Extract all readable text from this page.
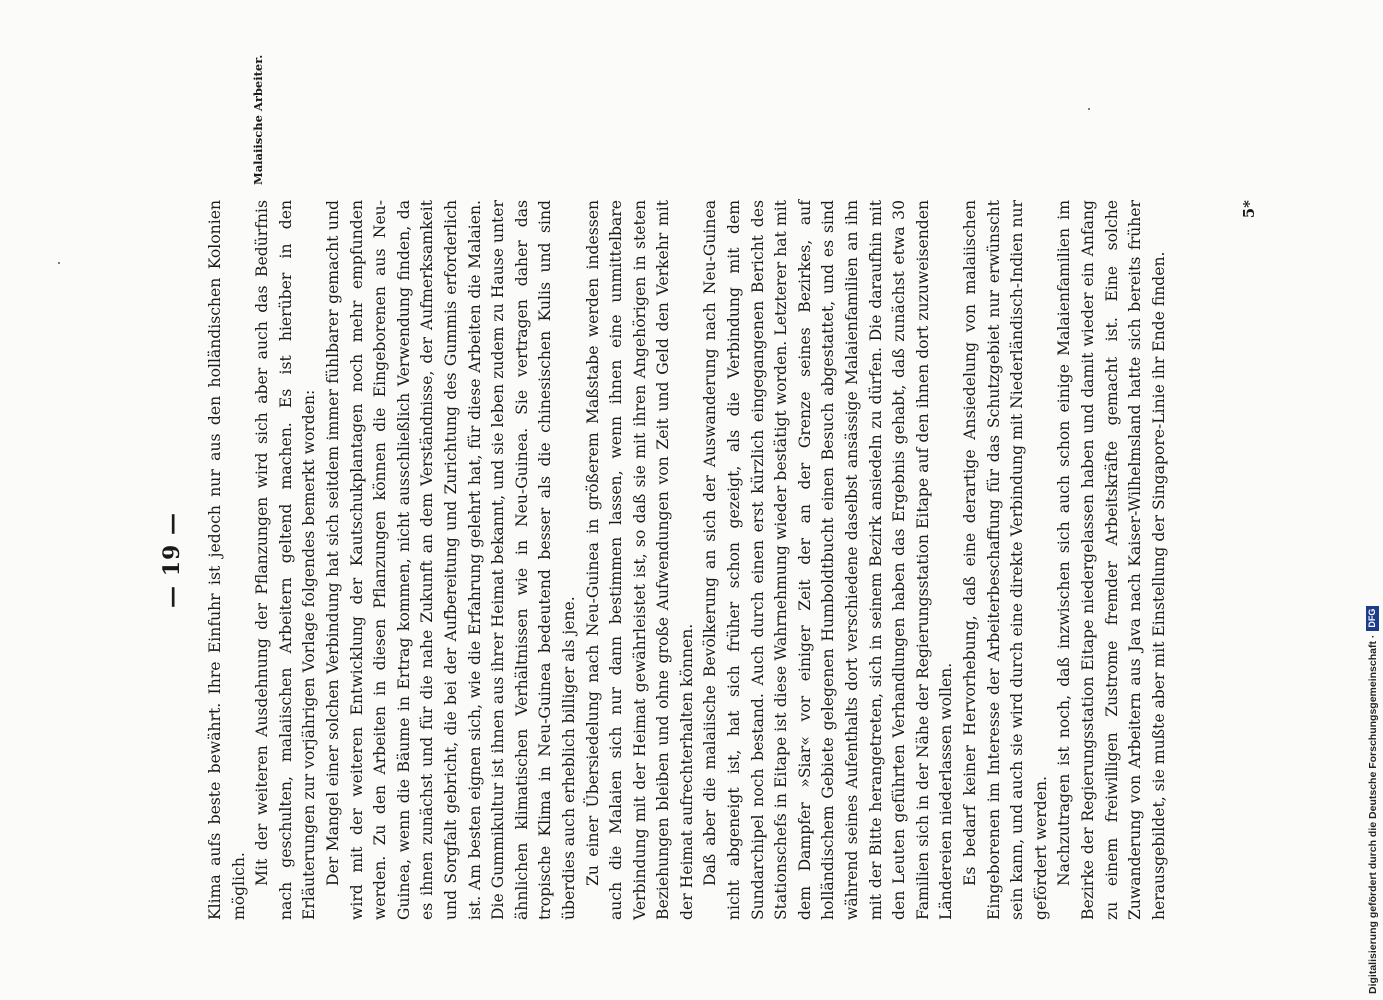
— 19 —	Klima aufs beste bewährt. Ihre Einfuhr ist jedoch nur aus den holländischen Kolonien möglich.

Mit der weiteren Ausdehnung der Pflanzungen wird sich aber auch das Bedürfnis nach geschulten, malaiischen Arbeitern geltend machen. Es ist hierüber in den Erläuterungen zur vorjährigen Vorlage folgendes bemerkt worden: Der Mangel einer solchen Verbindung hat sich seitdem immer fühlbarer gemacht und wird mit der weiteren Entwicklung der Kautschukplantagen noch mehr empfunden werden. Zu den Arbeiten in diesen Pflanzungen können die Eingeborenen aus Neu-Guinea, wenn die Bäume in Ertrag kommen, nicht ausschließlich Verwendung finden, da es ihnen zunächst und für die nahe Zukunft an dem Verständnisse, der Aufmerksamkeit und Sorgfalt gebricht, die bei der Aufbereitung und Zurichtung des Gummis erforderlich ist. Am besten eignen sich, wie die Erfahrung gelehrt hat, für diese Arbeiten die Malaien. Die Gummikultur ist ihnen aus ihrer Heimat bekannt, und sie leben zudem zu Hause unter ähnlichen klimatischen Verhältnissen wie in Neu-Guinea. Sie vertragen daher das tropische Klima in Neu-Guinea bedeutend besser als die chinesischen Kulis und sind überdies auch erheblich billiger als jene. Zu einer Übersiedelung nach Neu-Guinea in größerem Maßstabe werden indessen auch die Malaien sich nur dann bestimmen lassen, wenn ihnen eine unmittelbare Verbindung mit der Heimat gewährleistet ist, so daß sie mit ihren Angehörigen in steten Beziehungen bleiben und ohne große Aufwendungen von Zeit und Geld den Verkehr mit der Heimat aufrechterhalten können. Daß aber die malaiische Bevölkerung an sich der Auswanderung nach Neu-Guinea nicht abgeneigt ist, hat sich früher schon gezeigt, als die Verbindung mit dem Sundarchipel noch bestand. Auch durch einen erst kürzlich eingegangenen Bericht des Stationschefs in Eitape ist diese Wahrnehmung wieder bestätigt worden. Letzterer hat mit dem Dampfer »Siar« vor einiger Zeit der an der Grenze seines Bezirkes, auf holländischem Gebiete gelegenen Humboldtbucht einen Besuch abgestattet, und es sind während seines Aufenthalts dort verschiedene daselbst ansässige Malaienfamilien an ihn mit der Bitte herangetreten, sich in seinem Bezirk ansiedeln zu dürfen. Die daraufhin mit den Leuten geführten Verhandlungen haben das Ergebnis gehabt, daß zunächst etwa 30 Familien sich in der Nähe der Regierungsstation Eitape auf den ihnen dort zuzuweisenden Ländereien niederlassen wollen. Es bedarf keiner Hervorhebung, daß eine derartige Ansiedelung von malaiischen Eingeborenen im Interesse der Arbeiterbeschaffung für das Schutzgebiet nur erwünscht sein kann, und auch sie wird durch eine direkte Verbindung mit Niederländisch-Indien nur gefördert werden. Nachzutragen ist noch, daß inzwischen sich auch schon einige Malaienfamilien im Bezirke der Regierungsstation Eitape niedergelassen haben und damit wieder ein Anfang zu einem freiwilligen Zustrome fremder Arbeitskräfte gemacht ist. Eine solche Zuwanderung von Arbeitern aus Java nach Kaiser-Wilhelmsland hatte sich bereits früher herausgebildet, sie mußte aber mit Einstellung der Singapore-Linie ihr Ende finden.

Malaiische Arbeiter.
5*
Digitalisierung gefördert durch die Deutsche Forschungsgemeinschaft ·
DFG
